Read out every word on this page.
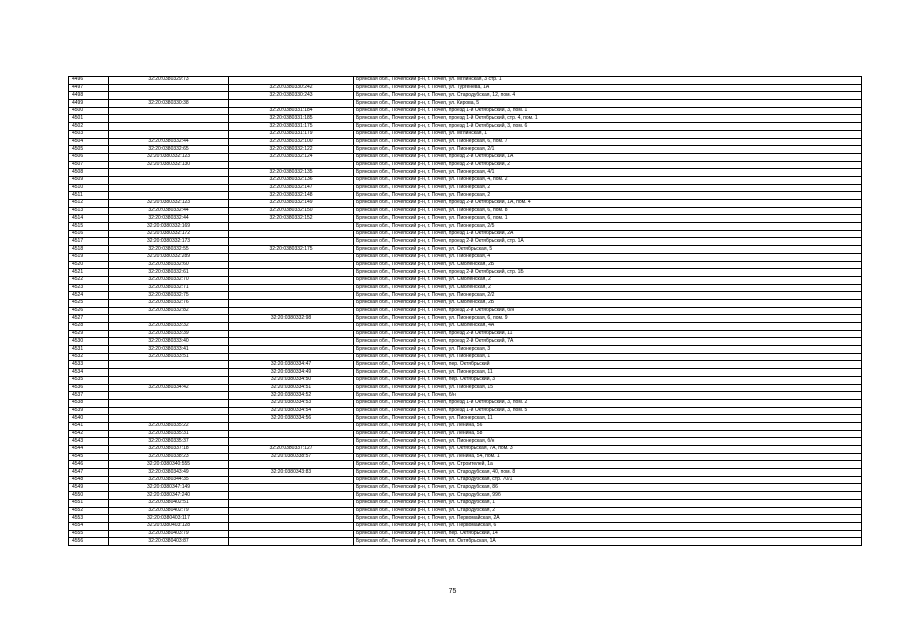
4496	32:20:0380329:73		Брянская обл., Почепский р-н, г. Почеп, ул. Мглинская, 3 стр. 1
4497		32:20:0380330:242	Брянская обл., Почепский р-н, г. Почеп, ул. Тургенева, 1А
4498		32:20:0380330:243	Брянская обл., Почепский р-н, г. Почеп, ул. Стародубская, 12, пом. 4
4499	32:20:0380330:38		Брянская обл., Почепский р-н, г. Почеп, ул. Кирова, 5
4500		32:20:0380331:184	Брянская обл., Почепский р-н, г. Почеп, проезд 1-й Октябрьский, 3, пом. 1
4501		32:20:0380331:185	Брянская обл., Почепский р-н, г. Почеп, проезд 1-й Октябрьский, стр. 4, пом. 1
4502		32:20:0380331:175	Брянская обл., Почепский р-н, г. Почеп, проезд 1-й Октябрьский, 3, пом. 6
4503		32:20:0380331:179	Брянская обл., Почепский р-н, г. Почеп, ул. Мглинская, 1
4504	32:20:0380332:44	32:20:0380332:100	Брянская обл., Почепский р-н, г. Почеп, ул. Пионерская, 6, пом. 7
4505	32:20:0380332:65	32:20:0380332:122	Брянская обл., Почепский р-н, г. Почеп, ул. Пионерская, 2/1
4506	32:20:0380332:123	32:20:0380332:124	Брянская обл., Почепский р-н, г. Почеп, проезд 2-й Октябрьский, 1А
4507	32:20:0380332:130		Брянская обл., Почепский р-н, г. Почеп, проезд 2-й Октябрьский, 2
4508		32:20:0380332:135	Брянская обл., Почепский р-н, г. Почеп, ул. Пионерская, 4/1
4509		32:20:0380332:136	Брянская обл., Почепский р-н, г. Почеп, ул. Пионерская, 4, пом. 2
4510		32:20:0380332:147	Брянская обл., Почепский р-н, г. Почеп, ул. Пионерская, 2
4511		32:20:0380332:148	Брянская обл., Почепский р-н, г. Почеп, ул. Пионерская, 2
4512	32:20:0380332:123	32:20:0380332:149	Брянская обл., Почепский р-н, г. Почеп, проезд 2-й Октябрьский, 1А, пом. 4
4513	32:20:0380332:44	32:20:0380332:150	Брянская обл., Почепский р-н, г. Почеп, ул. Пионерская, 6, пом. 8
4514	32:20:0380332:44	32:20:0380332:152	Брянская обл., Почепский р-н, г. Почеп, ул. Пионерская, 6, пом. 1
4515	32:20:0380332:169		Брянская обл., Почепский р-н, г. Почеп, ул. Пионерская, 2/5
4516	32:20:0380332:172		Брянская обл., Почепский р-н, г. Почеп, проезд 1-й Октябрьский, 2А
4517	32:20:0380332:173		Брянская обл., Почепский р-н, г. Почеп, проезд 2-й Октябрьский, стр. 1А
4518	32:20:0380332:55	32:20:0380332:175	Брянская обл., Почепский р-н, г. Почеп, ул. Октябрьская, 5
4519	32:20:0380332:289		Брянская обл., Почепский р-н, г. Почеп, ул. Пионерская, 4
4520	32:20:0380332:60		Брянская обл., Почепский р-н, г. Почеп, ул. Смоленская, 2Б
4521	32:20:0380332:61		Брянская обл., Почепский р-н, г. Почеп, проезд 2-й Октябрьский, стр. 1Б
4522	32:20:0380332:70		Брянская обл., Почепский р-н, г. Почеп, ул. Смоленская, 2
4523	32:20:0380332:71		Брянская обл., Почепский р-н, г. Почеп, ул. Смоленская, 2
4524	32:20:0380332:75		Брянская обл., Почепский р-н, г. Почеп, ул. Пионерская, 2/2
4525	32:20:0380332:76		Брянская обл., Почепский р-н, г. Почеп, ул. Смоленская, 2Б
4526	32:20:0380332:82		Брянская обл., Почепский р-н, г. Почеп, проезд 2-й Октябрьский, б/н
4527		32:20:0380332:98	Брянская обл., Почепский р-н, г. Почеп, ул. Пионерская, 6, пом. 9
4528	32:20:0380333:32		Брянская обл., Почепский р-н, г. Почеп, ул. Смоленская, 4А
4529	32:20:0380333:39		Брянская обл., Почепский р-н, г. Почеп, проезд 2-й Октябрьский, 11
4530	32:20:0380333:40		Брянская обл., Почепский р-н, г. Почеп, проезд 2-й Октябрьский, 7А
4531	32:20:0380333:41		Брянская обл., Почепский р-н, г. Почеп, ул. Пионерская, 3
4532	32:20:0380333:51		Брянская обл., Почепский р-н, г. Почеп, ул. Пионерская, 1
4533		32:20:0380334:47	Брянская обл., Почепский р-н, г. Почеп, пер. Октябрьский
4534		32:20:0380334:49	Брянская обл., Почепский р-н, г. Почеп, ул. Пионерская, 11
4535		32:20:0380334:50	Брянская обл., Почепский р-н, г. Почеп, пер. Октябрьский, 3
4536	32:20:0380334:42	32:20:0380334:51	Брянская обл., Почепский р-н, г. Почеп, ул. Пионерская, 15
4537		32:20:0380334:52	Брянская обл., Почепский р-н, г. Почеп, б/н
4538		32:20:0380334:53	Брянская обл., Почепский р-н, г. Почеп, проезд 1-й Октябрьский, 3, пом. 2
4539		32:20:0380334:54	Брянская обл., Почепский р-н, г. Почеп, проезд 1-й Октябрьский, 3, пом. 5
4540		32:20:0380334:56	Брянская обл., Почепский р-н, г. Почеп, ул. Пионерская, 11
4541	32:20:0380335:22		Брянская обл., Почепский р-н, г. Почеп, ул. Ленина, 56
4542	32:20:0380335:31		Брянская обл., Почепский р-н, г. Почеп, ул. Ленина, 58
4543	32:20:0380335:37		Брянская обл., Почепский р-н, г. Почеп, ул. Пионерская, б/н
4544	32:20:0380337:18	32:20:0380337:127	Брянская обл., Почепский р-н, г. Почеп, ул. Октябрьская, 7А, пом. 3
4545	32:20:0380338:23	32:20:0380338:57	Брянская обл., Почепский р-н, г. Почеп, ул. Ленина, 54, пом. 1
4546	32:20:0380340:555		Брянская обл., Почепский р-н, г. Почеп, ул. Строителей, 1а
4547	32:20:0380343:49	32:20:0380343:83	Брянская обл., Почепский р-н, г. Почеп, ул. Стародубская, 40, пом. 8
4548	32:20:0380344:35		Брянская обл., Почепский р-н, г. Почеп, ул. Стародубская, стр. 70/1
4549	32:20:0380347:149		Брянская обл., Почепский р-н, г. Почеп, ул. Стародубская, 86
4550	32:20:0380347:240		Брянская обл., Почепский р-н, г. Почеп, ул. Стародубская, 99б
4551	32:20:0380402:51		Брянская обл., Почепский р-н, г. Почеп, ул. Стародубская, 1
4552	32:20:0380402:79		Брянская обл., Почепский р-н, г. Почеп, ул. Стародубская, 2
4553	32:20:0380403:117		Брянская обл., Почепский р-н, г. Почеп, ул. Первомайская, 2А
4554	32:20:0380403:128		Брянская обл., Почепский р-н, г. Почеп, ул. Первомайская, 6
4555	32:20:0380403:79		Брянская обл., Почепский р-н, г. Почеп, пер. Октябрьский, 14
4556	32:20:0380403:87		Брянская обл., Почепский р-н, г. Почеп, пл. Октябрьская, 1А
75
